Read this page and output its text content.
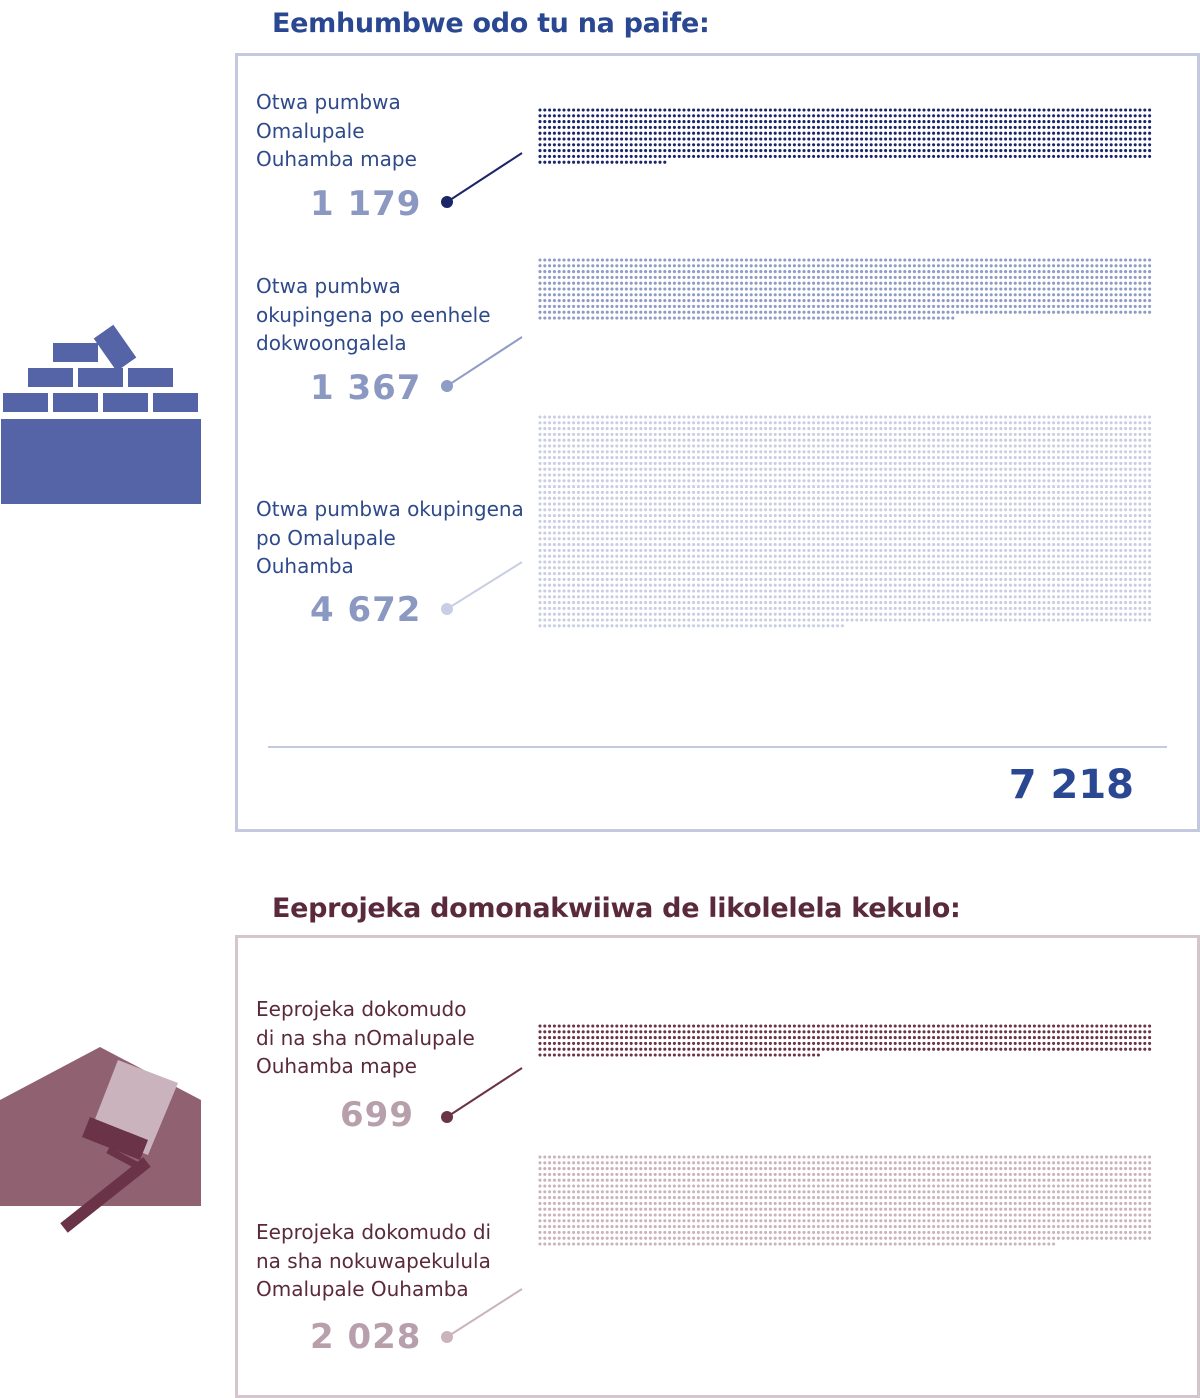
Eemhumbwe odo tu na paife:
Otwa pumbwa
Omalupale
Ouhamba mape
1 179
Otwa pumbwa
okupingena po eenhele
dokwoongalela
1 367
Otwa pumbwa okupingena
po Omalupale
Ouhamba
4 672
7 218
Eeprojeka domonakwiiwa de likolelela kekulo:
Eeprojeka dokomudo
di na sha nOmalupale
Ouhamba mape
699
Eeprojeka dokomudo di
na sha nokuwapekulula
Omalupale Ouhamba
2 028
